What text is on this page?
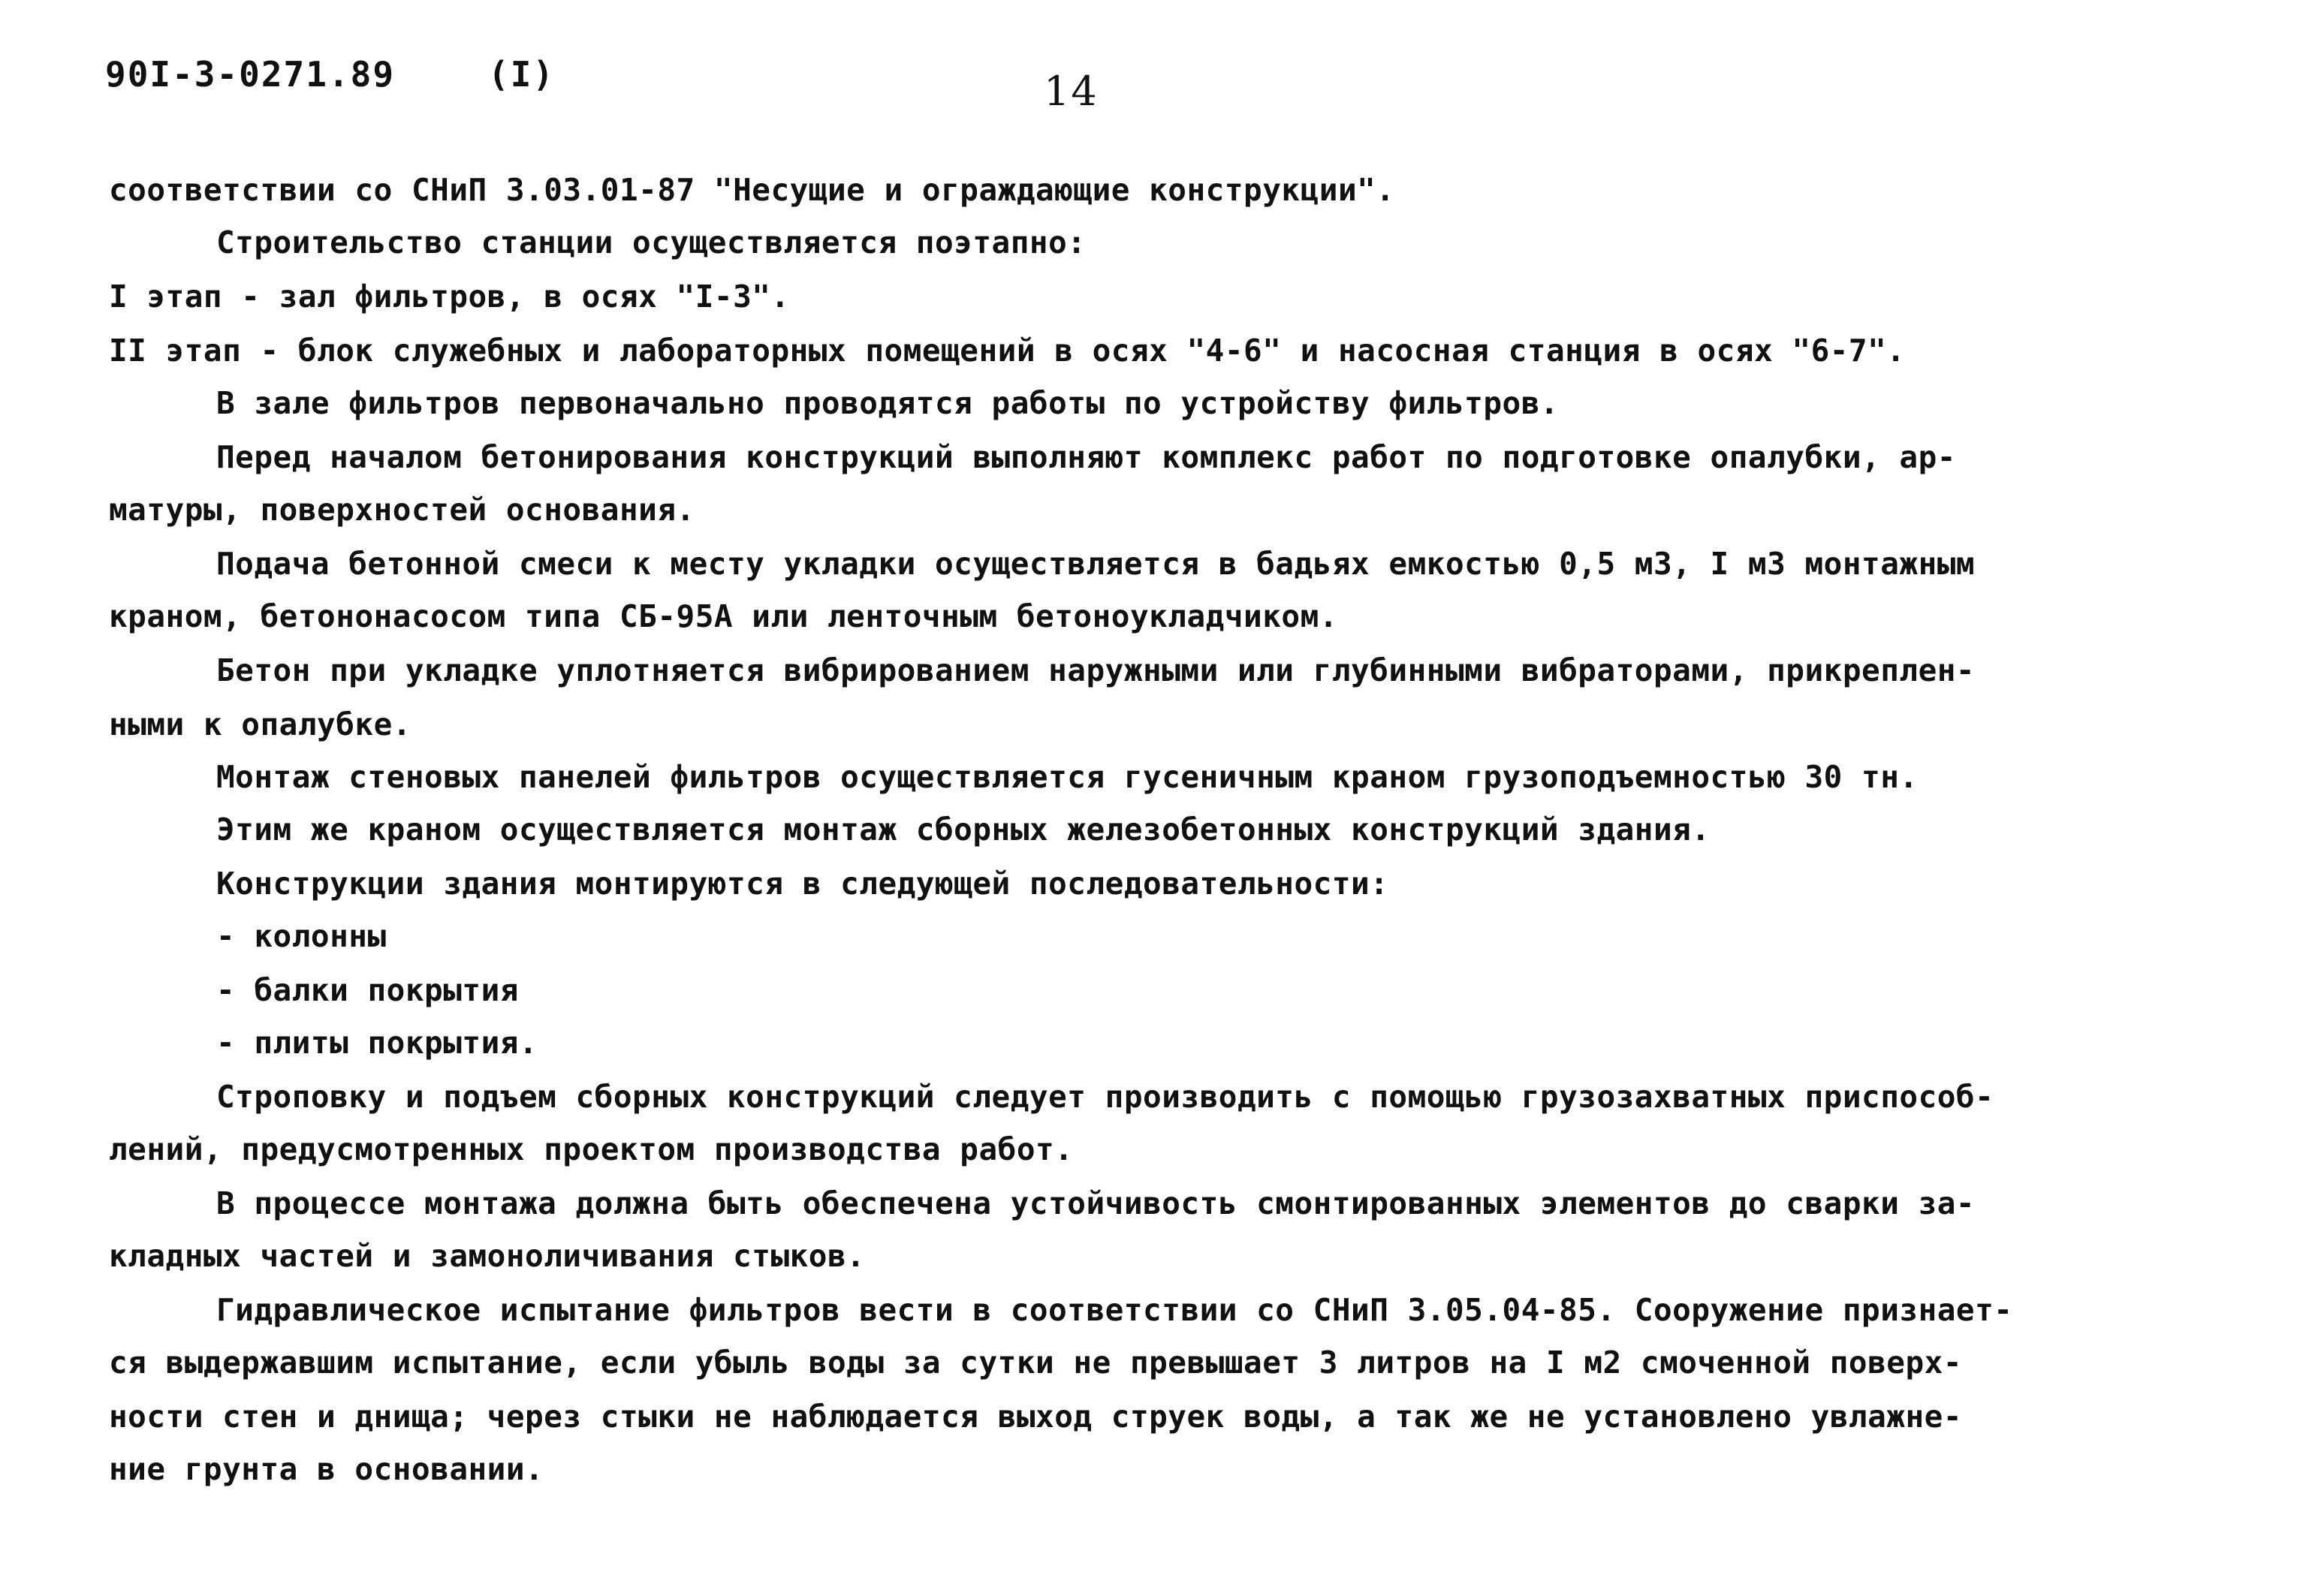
90I-3-0271.89	(I)	14
соответствии со СНиП 3.03.01-87 "Несущие и ограждающие конструкции".
Строительство станции осуществляется поэтапно:
I этап - зал фильтров, в осях "I-3".
II этап - блок служебных и лабораторных помещений в осях "4-6" и насосная станция в осях "6-7".
В зале фильтров первоначально проводятся работы по устройству фильтров.
Перед началом бетонирования конструкций выполняют комплекс работ по подготовке опалубки, ар-
матуры, поверхностей основания.
Подача бетонной смеси к месту укладки осуществляется в бадьях емкостью 0,5 м3, I м3 монтажным
краном, бетононасосом типа СБ-95А или ленточным бетоноукладчиком.
Бетон при укладке уплотняется вибрированием наружными или глубинными вибраторами, прикреплен-
ными к опалубке.
Монтаж стеновых панелей фильтров осуществляется гусеничным краном грузоподъемностью 30 тн.
Этим же краном осуществляется монтаж сборных железобетонных конструкций здания.
Конструкции здания монтируются в следующей последовательности:
- колонны
- балки покрытия
- плиты покрытия.
Строповку и подъем сборных конструкций следует производить с помощью грузозахватных приспособ-
лений, предусмотренных проектом производства работ.
В процессе монтажа должна быть обеспечена устойчивость смонтированных элементов до сварки за-
кладных частей и замоноличивания стыков.
Гидравлическое испытание фильтров вести в соответствии со СНиП 3.05.04-85. Сооружение признает-
ся выдержавшим испытание, если убыль воды за сутки не превышает 3 литров на I м2 смоченной поверх-
ности стен и днища; через стыки не наблюдается выход струек воды, а так же не установлено увлажне-
ние грунта в основании.
